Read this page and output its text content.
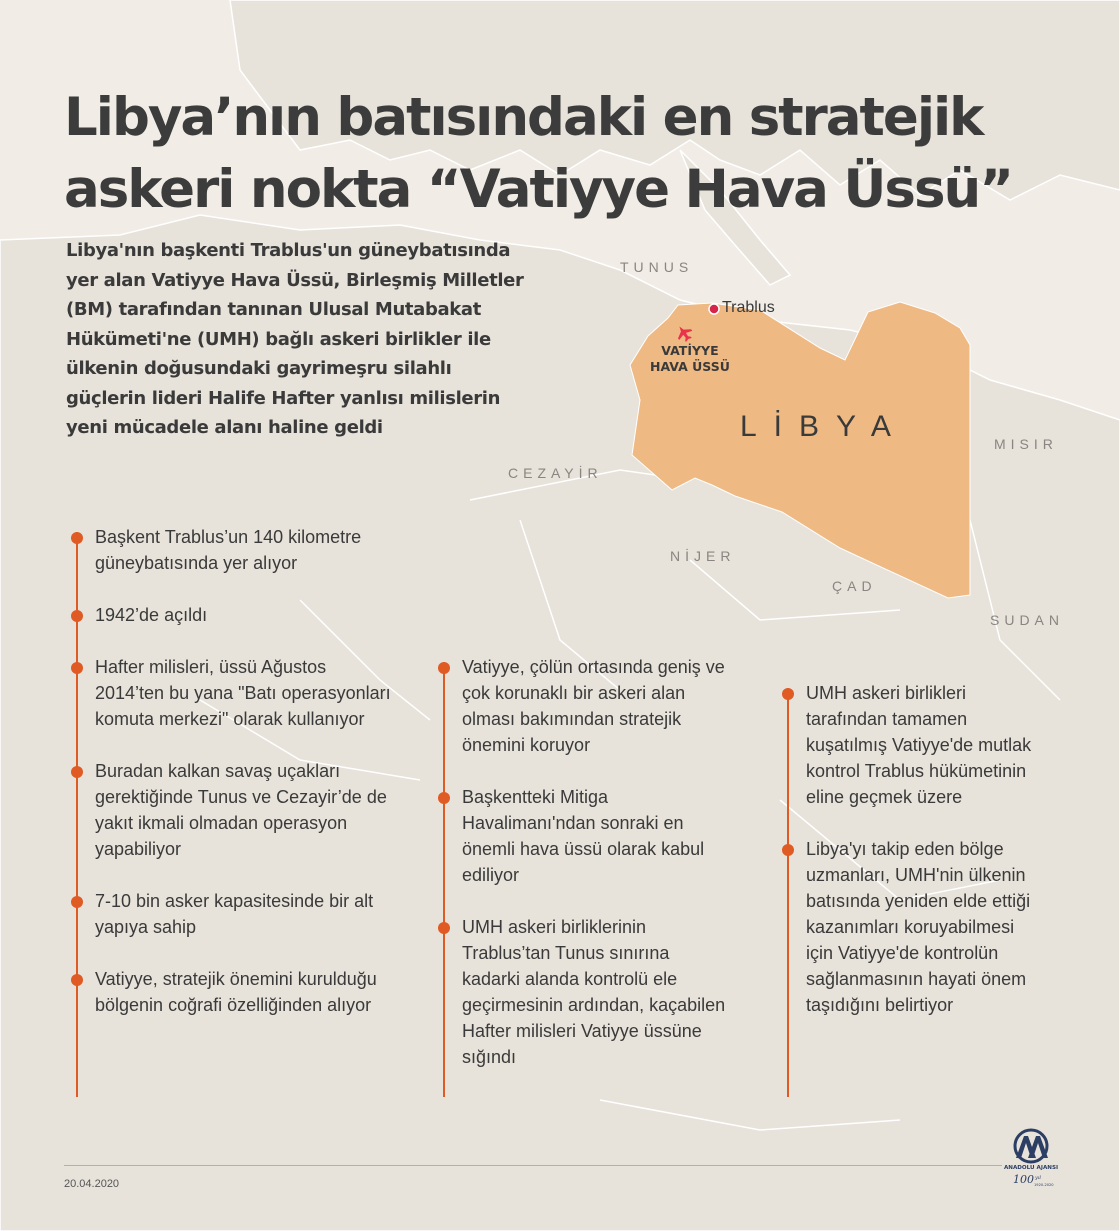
Libya’nın batısındaki en stratejik
askeri nokta “Vatiyye Hava Üssü”

Libya'nın başkenti Trablus'un güneybatısında yer alan Vatiyye Hava Üssü, Birleşmiş Milletler (BM) tarafından tanınan Ulusal Mutabakat Hükümeti'ne (UMH) bağlı askeri birlikler ile ülkenin doğusundaki gayrimeşru silahlı güçlerin lideri Halife Hafter yanlısı milislerin yeni mücadele alanı haline geldi

TUNUS
CEZAYİR
MISIR
NİJER
ÇAD
SUDAN
LİBYA
Trablus
VATİYYE
HAVA ÜSSÜ
Başkent Trablus’un 140 kilometre güneybatısında yer alıyor
1942’de açıldı
Hafter milisleri, üssü Ağustos 2014’ten bu yana "Batı operasyonları komuta merkezi" olarak kullanıyor
Buradan kalkan savaş uçakları gerektiğinde Tunus ve Cezayir’de de yakıt ikmali olmadan operasyon yapabiliyor
7-10 bin asker kapasitesinde bir alt yapıya sahip
Vatiyye, stratejik önemini kurulduğu bölgenin coğrafi özelliğinden alıyor
Vatiyye, çölün ortasında geniş ve çok korunaklı bir askeri alan olması bakımından stratejik önemini koruyor
Başkentteki Mitiga Havalimanı'ndan sonraki en önemli hava üssü olarak kabul ediliyor
UMH askeri birliklerinin Trablus’tan Tunus sınırına kadarki alanda kontrolü ele geçirmesinin ardından, kaçabilen Hafter milisleri Vatiyye üssüne sığındı
UMH askeri birlikleri tarafından tamamen kuşatılmış Vatiyye'de mutlak kontrol Trablus hükümetinin eline geçmek üzere
Libya'yı takip eden bölge uzmanları, UMH'nin ülkenin batısında yeniden elde ettiği kazanımları koruyabilmesi için Vatiyye'de kontrolün sağlanmasının hayati önem taşıdığını belirtiyor
20.04.2020
ANADOLU AJANSI
100 yıl
1920-2020
